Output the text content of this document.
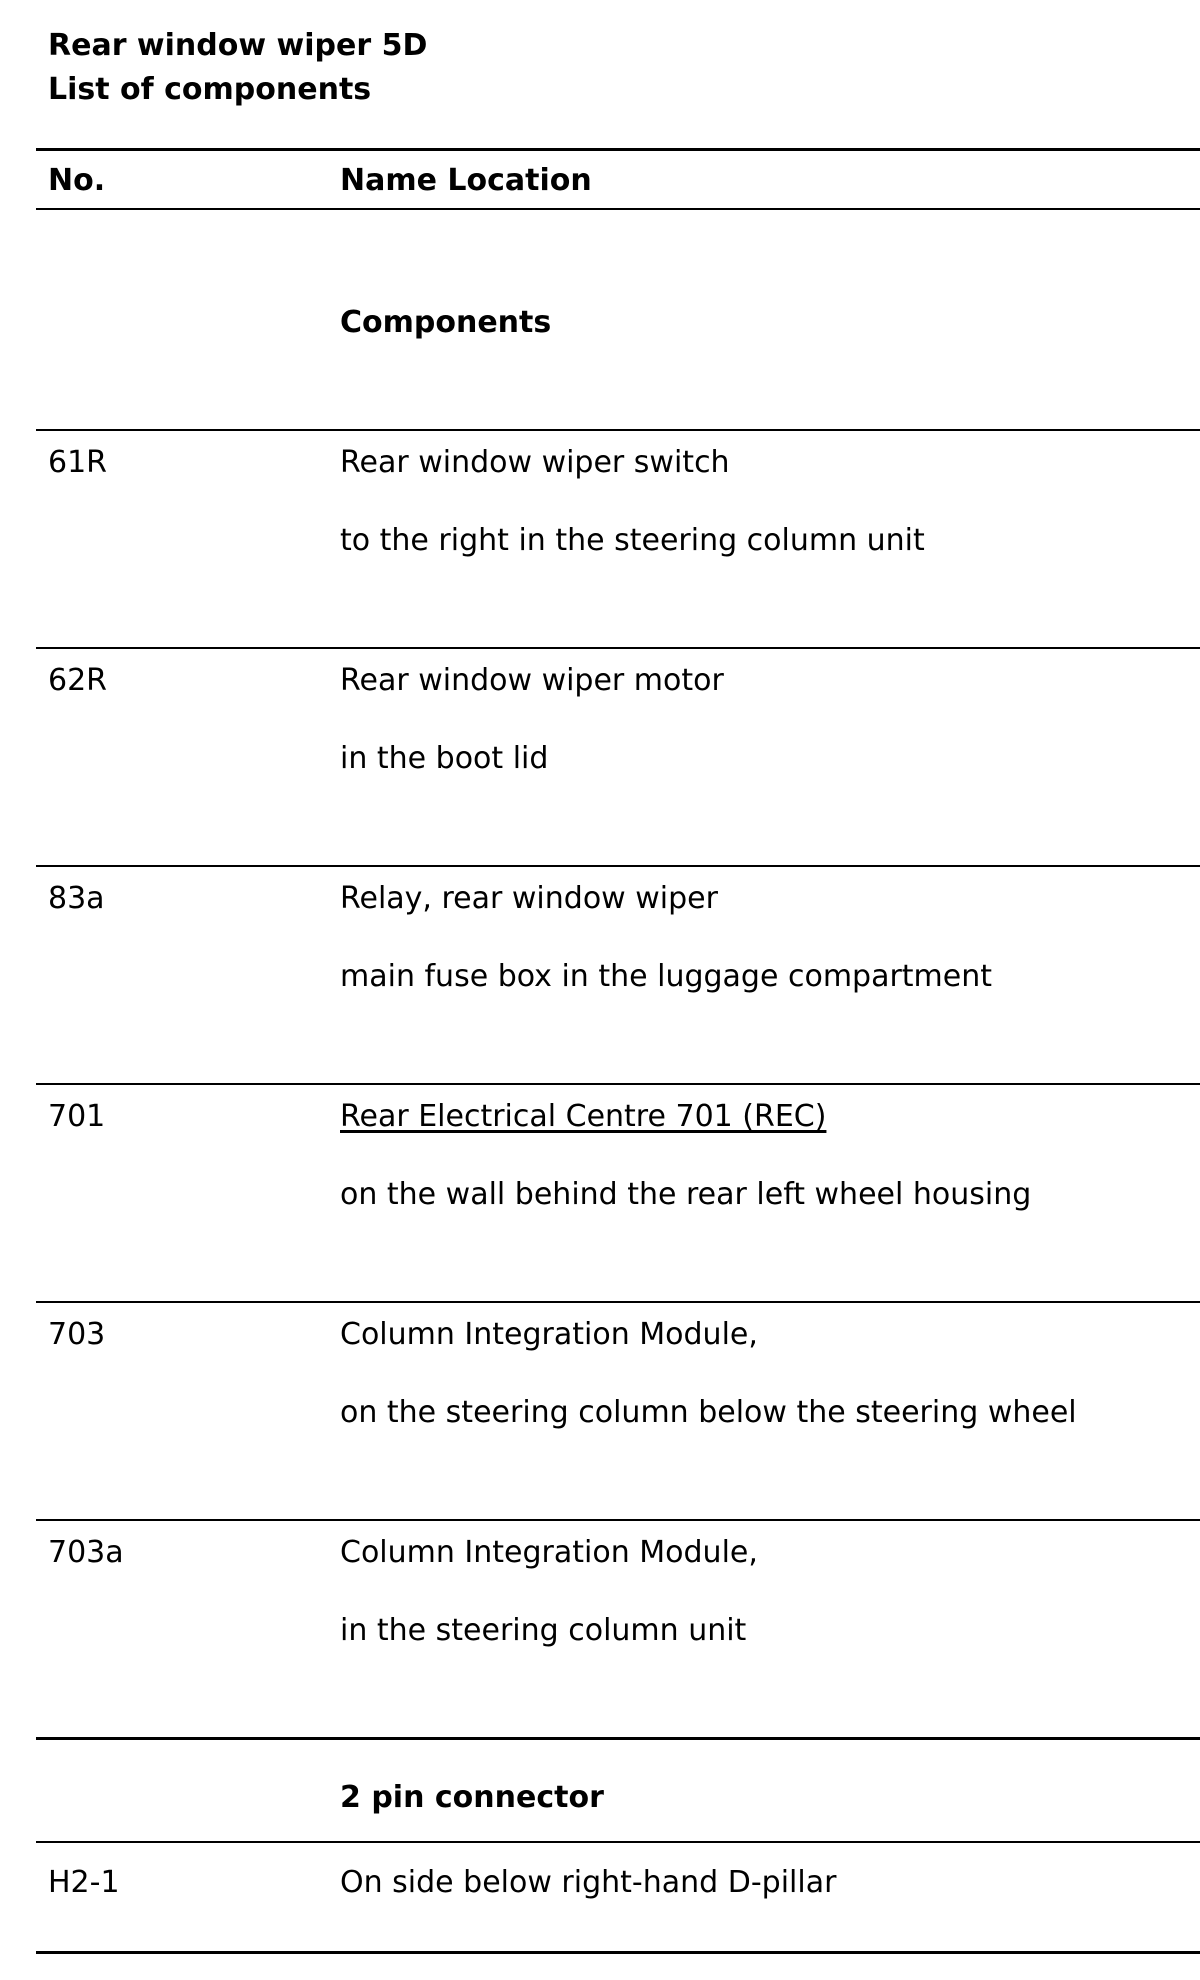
Rear window wiper 5D
List of components
No.	Name Location
Components
61R	Rear window wiper switch
to the right in the steering column unit
62R	Rear window wiper motor
in the boot lid
83a	Relay, rear window wiper
main fuse box in the luggage compartment
701	Rear Electrical Centre 701 (REC)
on the wall behind the rear left wheel housing
703	Column Integration Module,
on the steering column below the steering wheel
703a	Column Integration Module,
in the steering column unit
2 pin connector
H2-1	On side below right-hand D-pillar
